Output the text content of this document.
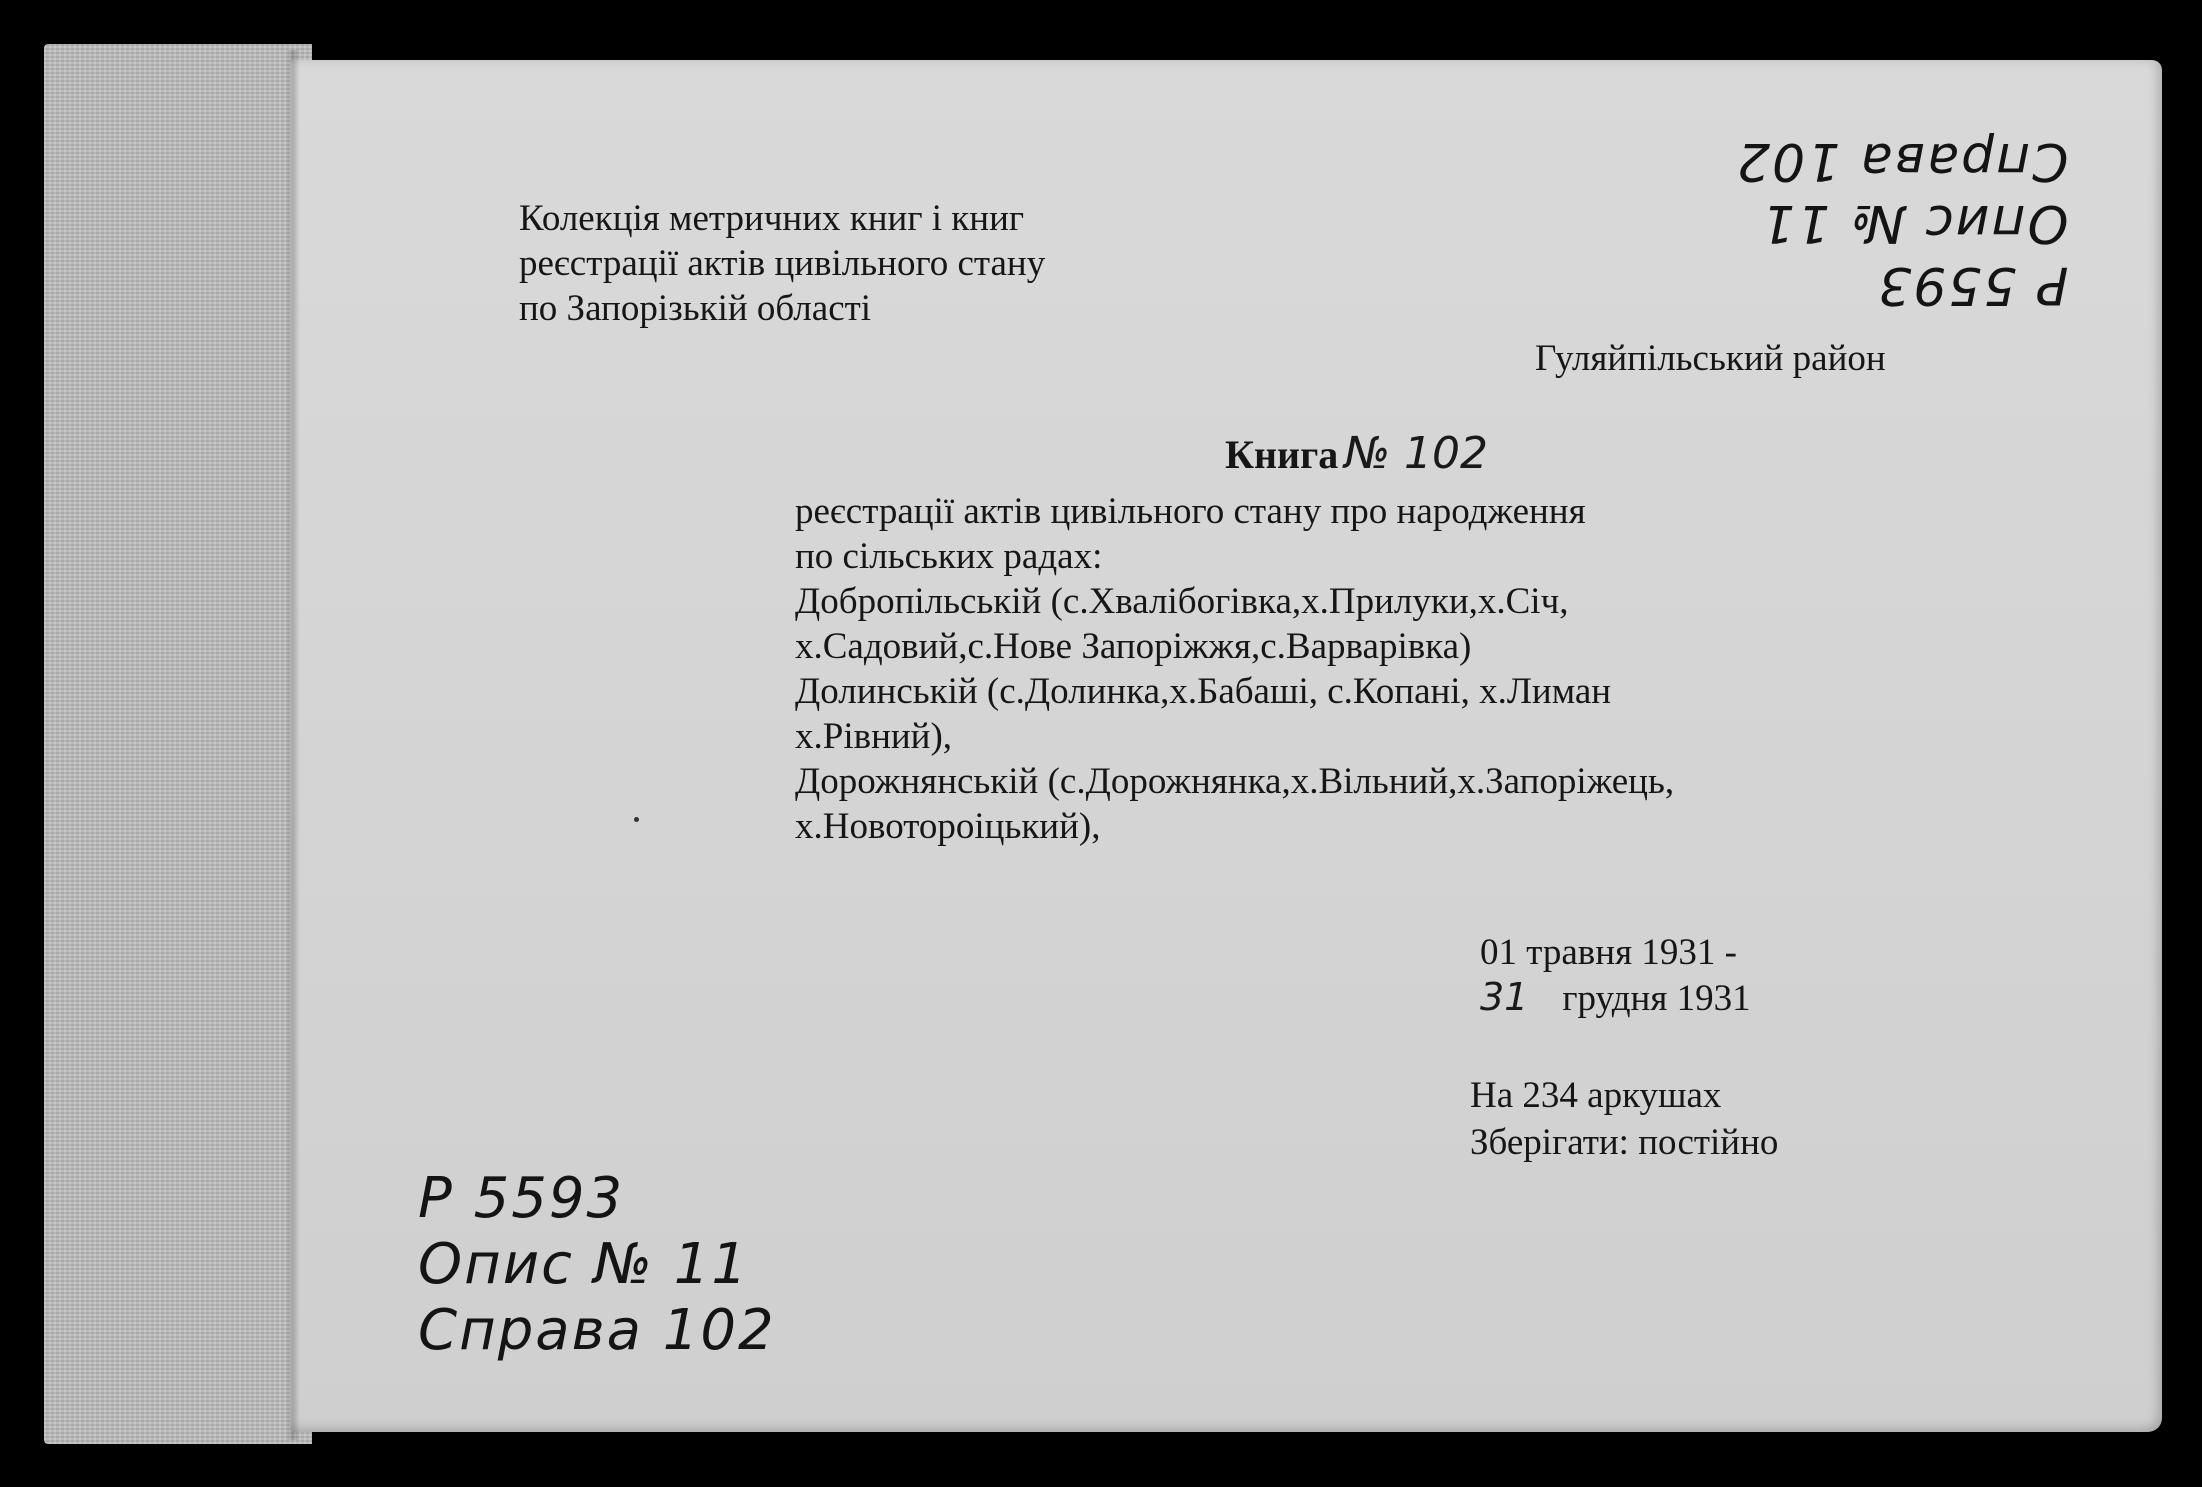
Колекція метричних книг і книг
реєстрації актів цивільного стану
по Запорізькій області
Гуляйпільський район
Книга № 102
реєстрації актів цивільного стану про народження
по сільських радах:
Добропільській (с.Хвалібогівка,х.Прилуки,х.Січ,
х.Садовий,с.Нове Запоріжжя,с.Варварівка)
Долинській (с.Долинка,х.Бабаші, с.Копані, х.Лиман
х.Рівний),
Дорожнянській (с.Дорожнянка,х.Вільний,х.Запоріжець,
х.Новотороіцький),
01 травня 1931 -
31 грудня 1931
На 234 аркушах
Зберігати: постійно
Р 5593
Опис № 11
Справа 102
Р 5593
Опис № 11
Справа 102
